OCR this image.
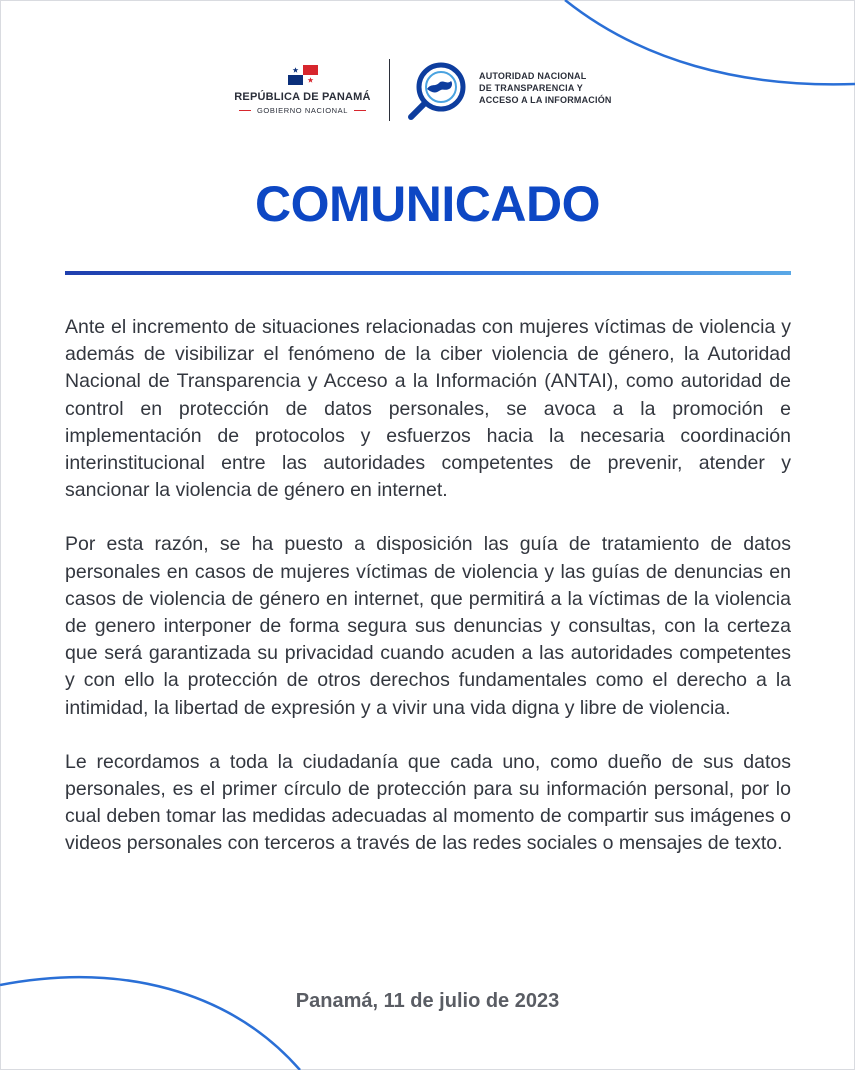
REPÚBLICA DE PANAMÁ
GOBIERNO NACIONAL
AUTORIDAD NACIONAL
DE TRANSPARENCIA Y
ACCESO A LA INFORMACIÓN
COMUNICADO

Ante el incremento de situaciones relacionadas con mujeres víctimas de violencia y además de visibilizar el fenómeno de la ciber violencia de género, la Autoridad Nacional de Transparencia y Acceso a la Información (ANTAI), como autoridad de control en protección de datos personales, se avoca a la promoción e implementación de protocolos y esfuerzos hacia la necesaria coordinación interinstitucional entre las autoridades competentes de prevenir, atender y sancionar la violencia de género en internet.

Por esta razón, se ha puesto a disposición las guía de tratamiento de datos personales en casos de mujeres víctimas de violencia y las guías de denuncias en casos de violencia de género en internet, que permitirá a la víctimas de la violencia de genero interponer de forma segura sus denuncias y consultas, con la certeza que será garantizada su privacidad cuando acuden a las autoridades competentes y con ello la protección de otros derechos fundamentales como el derecho a la intimidad, la libertad de expresión y a vivir una vida digna y libre de violencia.

Le recordamos a toda la ciudadanía que cada uno, como dueño de sus datos personales, es el primer círculo de protección para su información personal, por lo cual deben tomar las medidas adecuadas al momento de compartir sus imágenes o videos personales con terceros a través de las redes sociales o mensajes de texto.

Panamá, 11 de julio de 2023
